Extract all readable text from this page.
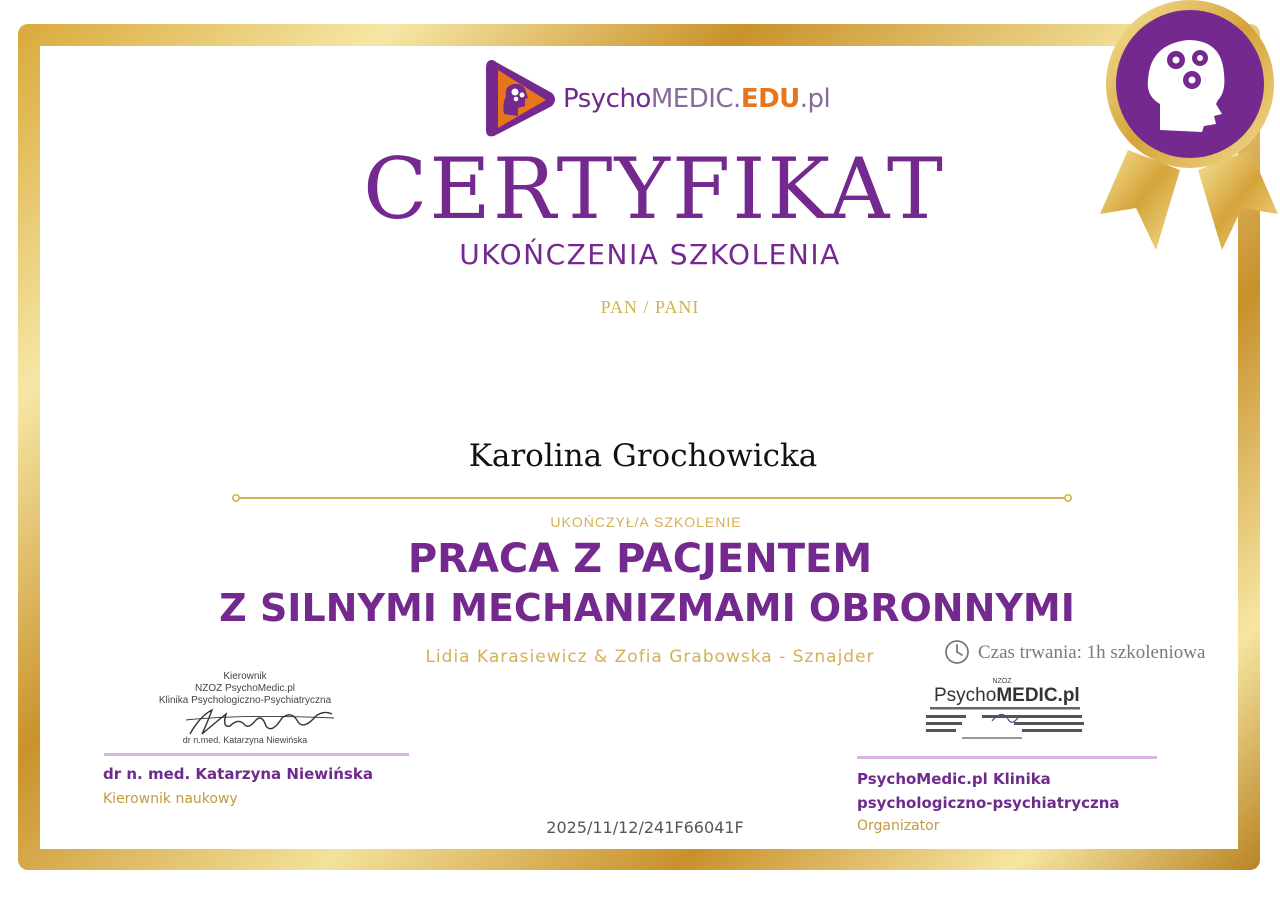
PsychoMEDIC.EDU.pl
CERTYFIKAT
UKOŃCZENIA SZKOLENIA
PAN / PANI
Karolina Grochowicka
UKOŃCZYŁ/A SZKOLENIE
PRACA Z PACJENTEM
Z SILNYMI MECHANIZMAMI OBRONNYMI
Lidia Karasiewicz & Zofia Grabowska - Sznajder	Czas trwania: 1h szkoleniowa
Kierownik
NZOZ PsychoMedic.pl
Klinika Psychologiczno-Psychiatryczna
dr n.med. Katarzyna Niewińska
dr n. med. Katarzyna Niewińska
Kierownik naukowy
NZOZ
PsychoMEDIC.pl
PsychoMedic.pl Klinika
psychologiczno-psychiatryczna
Organizator
2025/11/12/241F66041F
